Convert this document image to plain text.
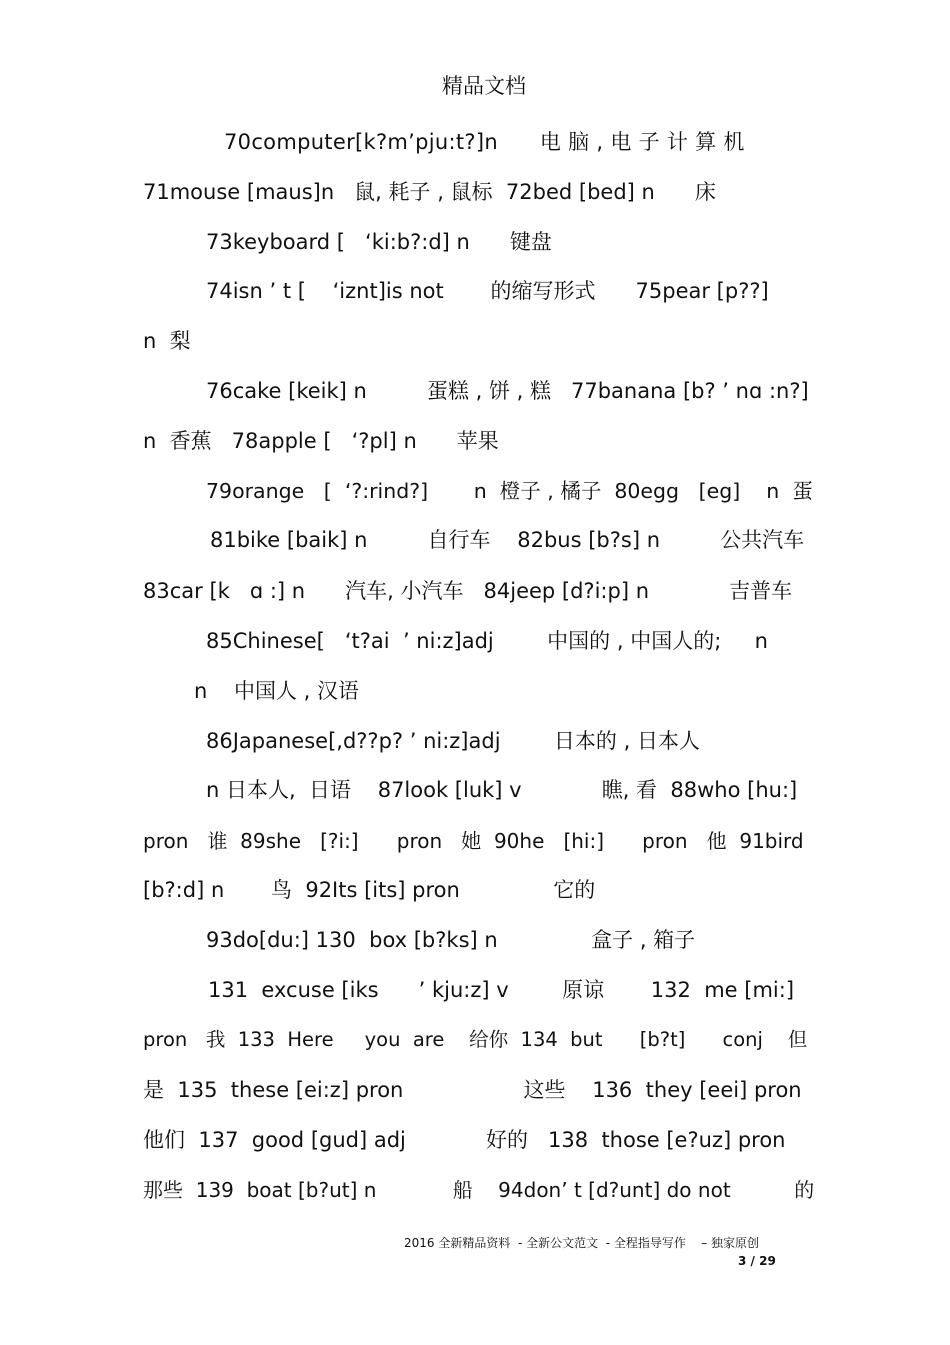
精品文档
70computer[k?m’pju:t?]n      电 脑 , 电 子 计 算 机
71mouse [maus]n   鼠, 耗子 , 鼠标  72bed [bed] n      床
73keyboard [   ‘ki:b?:d] n      键盘
74isn ’ t [    ‘iznt]is not       的缩写形式      75pear [p??]
n  梨
76cake [keik] n         蛋糕 , 饼 , 糕   77banana [b? ’ nɑ :n?]
n  香蕉   78apple [   ‘?pl] n      苹果
79orange   [  ‘?:rind?]       n  橙子 , 橘子  80egg   [eg]    n  蛋
81bike [baik] n         自行车    82bus [b?s] n         公共汽车
83car [k   ɑ :] n      汽车, 小汽车   84jeep [d?i:p] n            吉普车
85Chinese[   ‘t?ai  ’ ni:z]adj        中国的 , 中国人的;     n
n    中国人 , 汉语
86Japanese[,d??p? ’ ni:z]adj        日本的 , 日本人
n 日本人,  日语    87look [luk] v            瞧, 看  88who [hu:]
pron   谁  89she   [?i:]      pron   她  90he   [hi:]      pron   他  91bird
[b?:d] n       鸟  92Its [its] pron              它的
93do[du:] 130  box [b?ks] n              盒子 , 箱子
131  excuse [iks      ’ kju:z] v        原谅       132  me [mi:]
pron   我  133  Here     you  are    给你  134  but      [b?t]      conj    但
是  135  these [ei:z] pron                  这些    136  they [eei] pron
他们  137  good [gud] adj            好的   138  those [e?uz] pron
那些  139  boat [b?ut] n            船    94don’ t [d?unt] do not          的
2016 全新精品资料  - 全新公文范文  - 全程指导写作    – 独家原创
3 / 29
